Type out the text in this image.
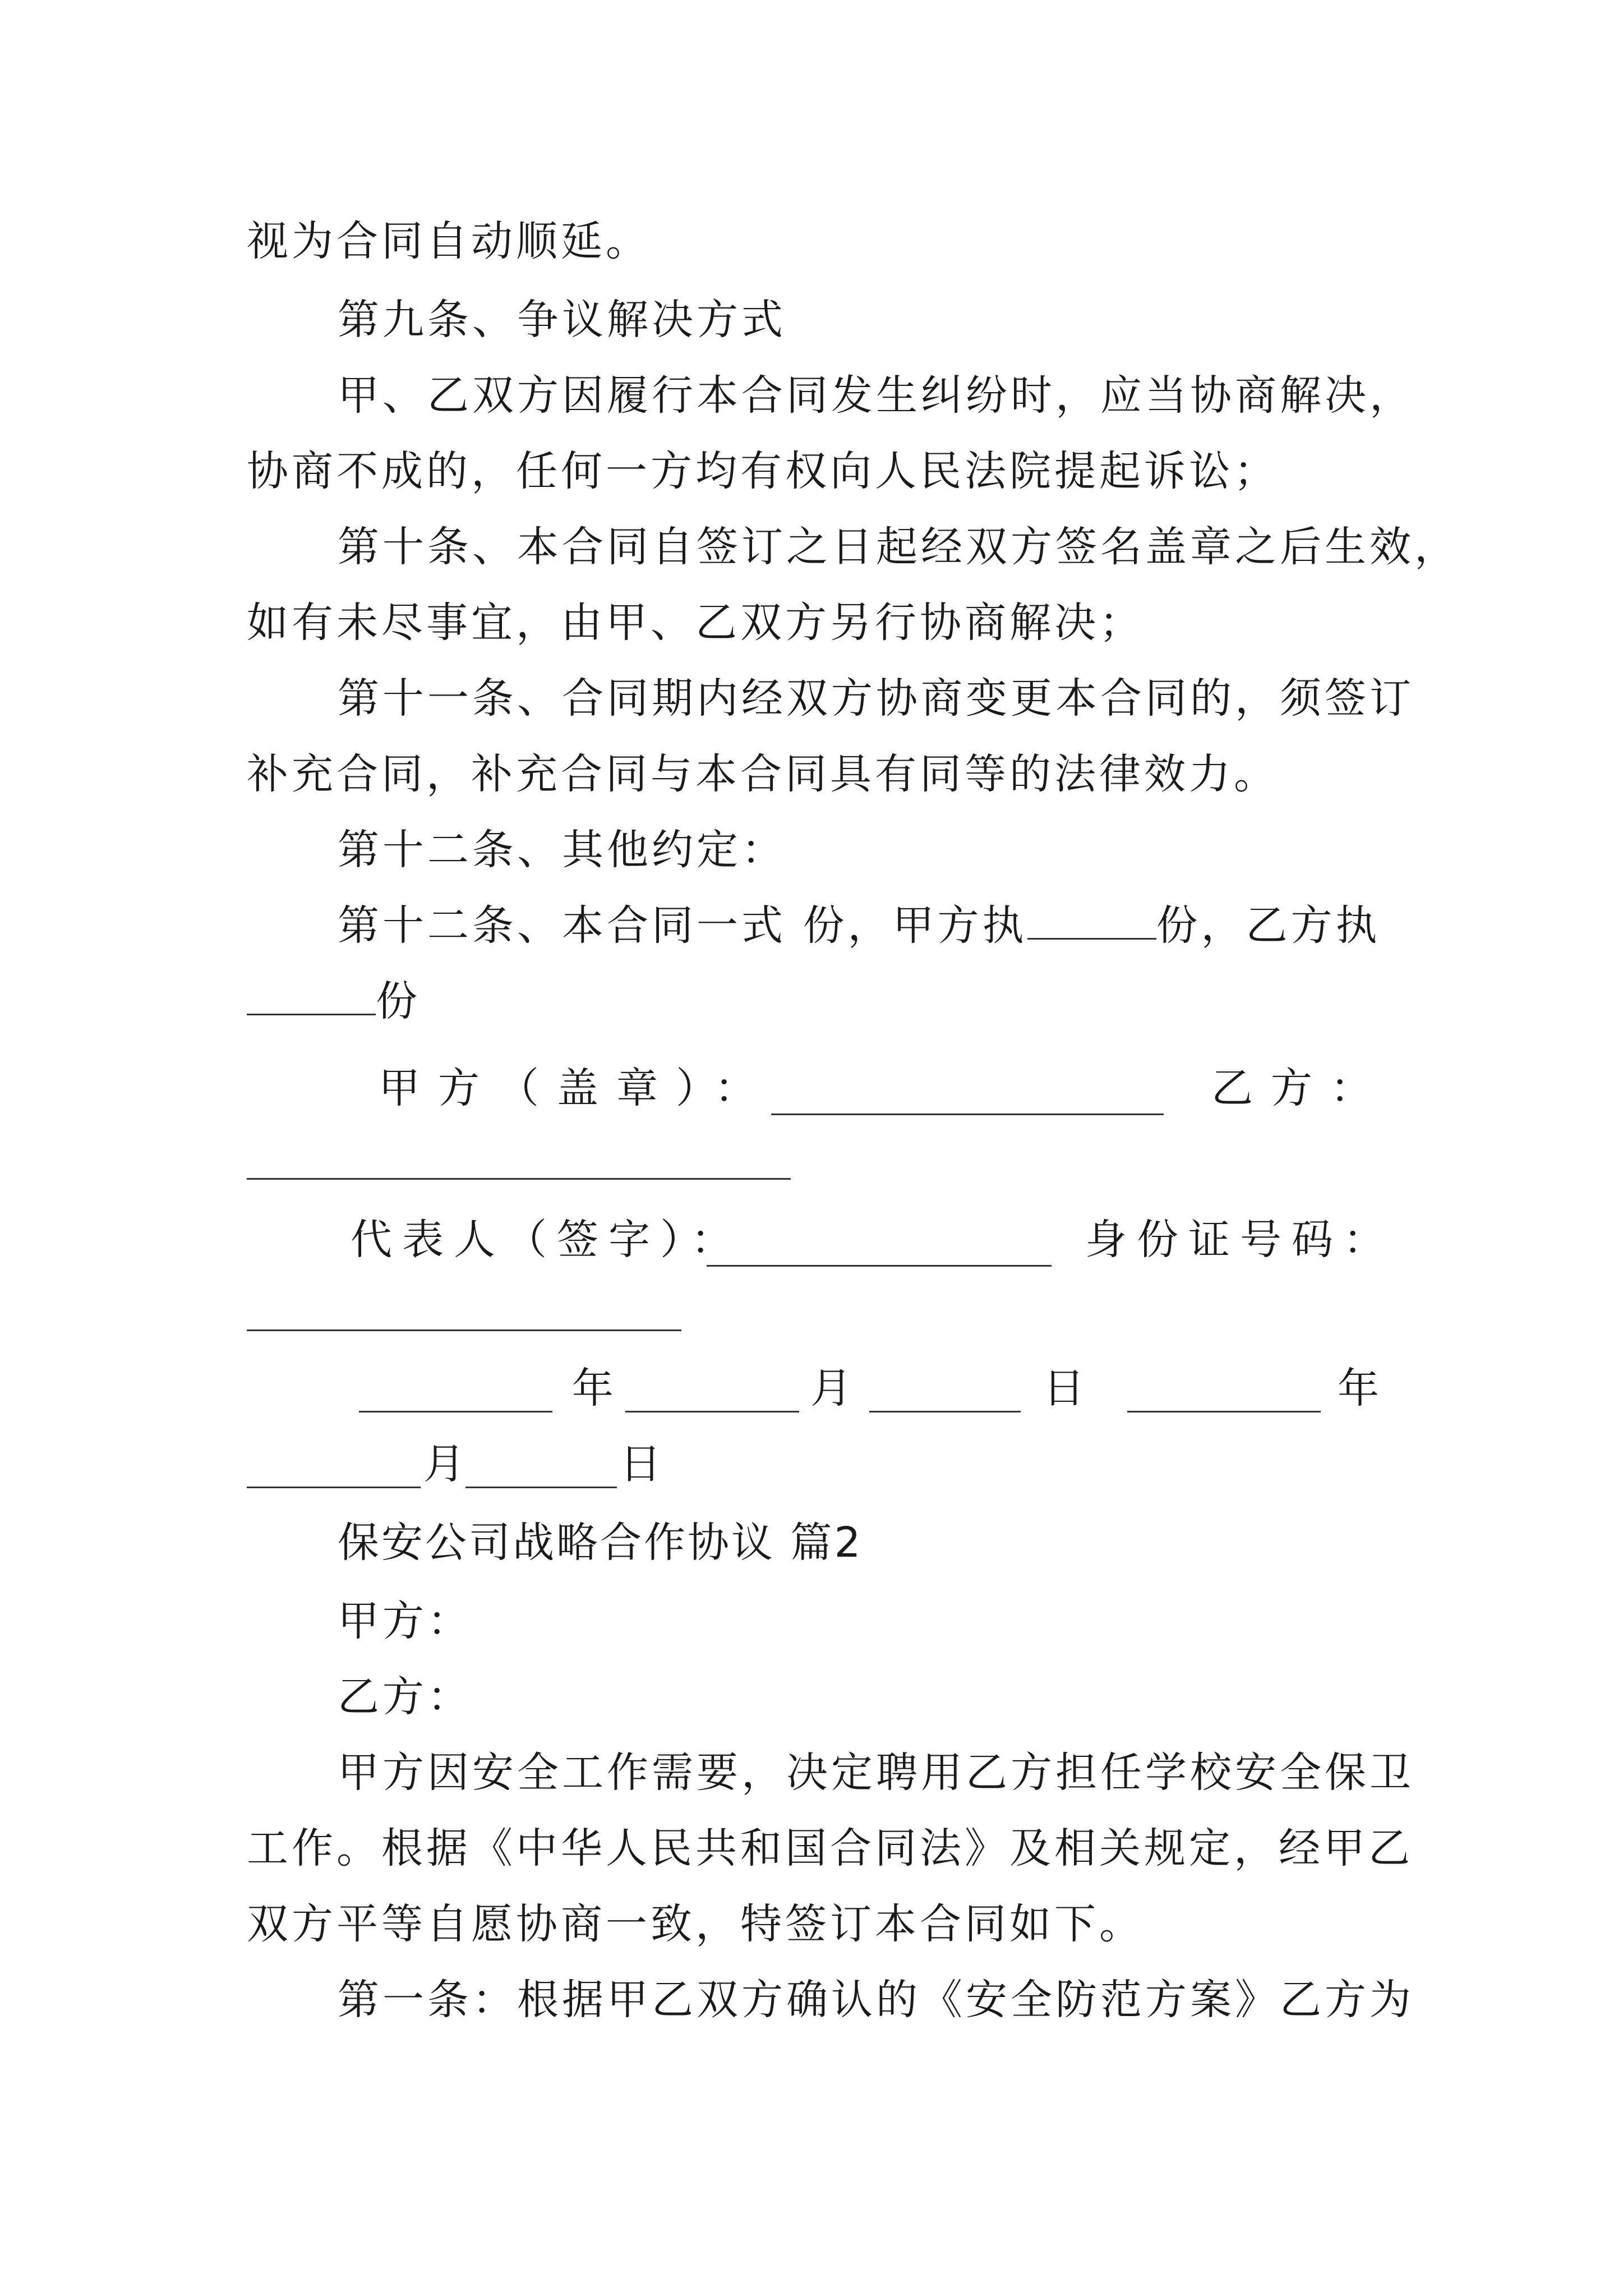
视为合同自动顺延。
第九条、争议解决方式
甲、乙双方因履行本合同发生纠纷时，应当协商解决，
协商不成的，任何一方均有权向人民法院提起诉讼；
第十条、本合同自签订之日起经双方签名盖章之后生效，
如有未尽事宜，由甲、乙双方另行协商解决；
第十一条、合同期内经双方协商变更本合同的，须签订
补充合同，补充合同与本合同具有同等的法律效力。
第十二条、其他约定：
第十二条、本合同一式 份，甲方执	份，乙方执
份
甲方（盖章）：	乙方：
代表人（签字）：	身份证号码：
年	月	日	年
月	日
保安公司战略合作协议 篇2
甲方：
乙方：
甲方因安全工作需要，决定聘用乙方担任学校安全保卫
工作。根据《中华人民共和国合同法》及相关规定，经甲乙
双方平等自愿协商一致，特签订本合同如下。
第一条：根据甲乙双方确认的《安全防范方案》乙方为
